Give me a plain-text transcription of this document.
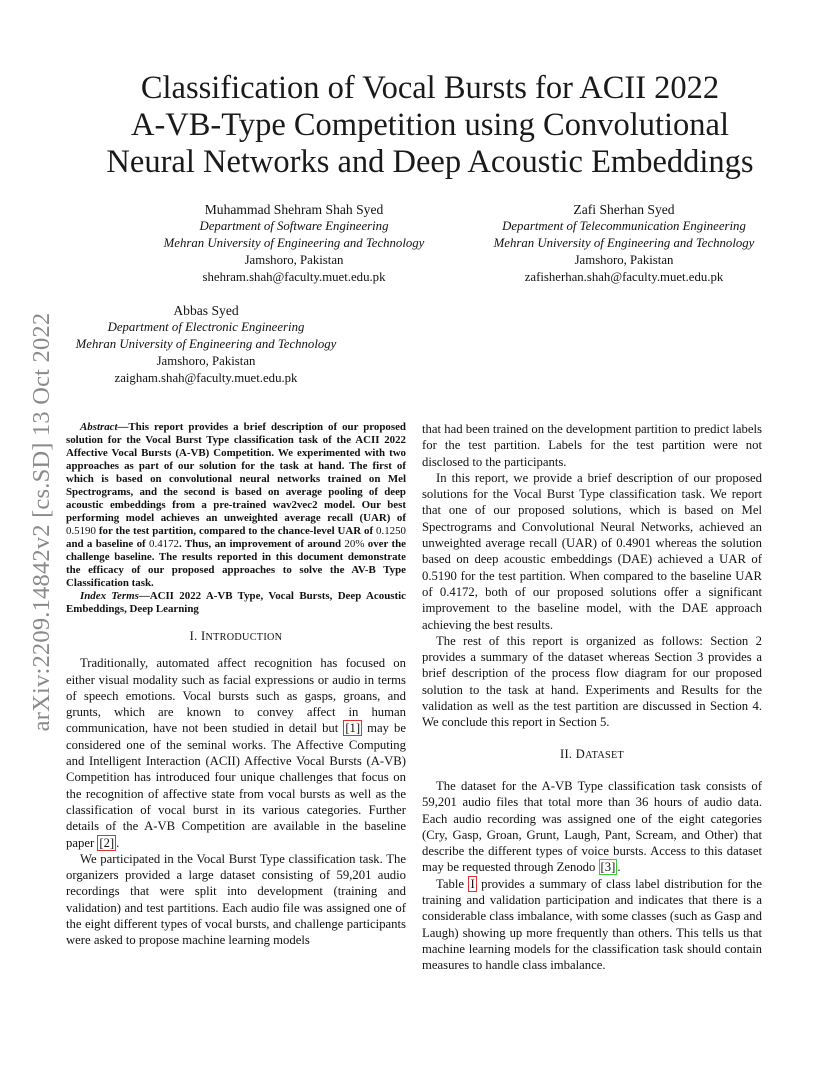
arXiv:2209.14842v2 [cs.SD] 13 Oct 2022
Classification of Vocal Bursts for ACII 2022
A-VB-Type Competition using Convolutional
Neural Networks and Deep Acoustic Embeddings
Muhammad Shehram Shah Syed
Department of Software Engineering
Mehran University of Engineering and Technology
Jamshoro, Pakistan
shehram.shah@faculty.muet.edu.pk
Zafi Sherhan Syed
Department of Telecommunication Engineering
Mehran University of Engineering and Technology
Jamshoro, Pakistan
zafisherhan.shah@faculty.muet.edu.pk
Abbas Syed
Department of Electronic Engineering
Mehran University of Engineering and Technology
Jamshoro, Pakistan
zaigham.shah@faculty.muet.edu.pk

Abstract—This report provides a brief description of our proposed solution for the Vocal Burst Type classification task of the ACII 2022 Affective Vocal Bursts (A-VB) Competition. We experimented with two approaches as part of our solution for the task at hand. The first of which is based on convolutional neural networks trained on Mel Spectrograms, and the second is based on average pooling of deep acoustic embeddings from a pre-trained wav2vec2 model. Our best performing model achieves an unweighted average recall (UAR) of 0.5190 for the test partition, compared to the chance-level UAR of 0.1250 and a baseline of 0.4172. Thus, an improvement of around 20% over the challenge baseline. The results reported in this document demonstrate the efficacy of our proposed approaches to solve the AV-B Type Classification task.

Index Terms—ACII 2022 A-VB Type, Vocal Bursts, Deep Acoustic Embeddings, Deep Learning

I. INTRODUCTION

Traditionally, automated affect recognition has focused on either visual modality such as facial expressions or audio in terms of speech emotions. Vocal bursts such as gasps, groans, and grunts, which are known to convey affect in human communication, have not been studied in detail but [1] may be considered one of the seminal works. The Affective Computing and Intelligent Interaction (ACII) Affective Vocal Bursts (A-VB) Competition has introduced four unique challenges that focus on the recognition of affective state from vocal bursts as well as the classification of vocal burst in its various categories. Further details of the A-VB Competition are available in the baseline paper [2] .

We participated in the Vocal Burst Type classification task. The organizers provided a large dataset consisting of 59,201 audio recordings that were split into development (training and validation) and test partitions. Each audio file was assigned one of the eight different types of vocal bursts, and challenge participants were asked to propose machine learning models

that had been trained on the development partition to predict labels for the test partition. Labels for the test partition were not disclosed to the participants.

In this report, we provide a brief description of our proposed solutions for the Vocal Burst Type classification task. We report that one of our proposed solutions, which is based on Mel Spectrograms and Convolutional Neural Networks, achieved an unweighted average recall (UAR) of 0.4901 whereas the solution based on deep acoustic embeddings (DAE) achieved a UAR of 0.5190 for the test partition. When compared to the baseline UAR of 0.4172, both of our proposed solutions offer a significant improvement to the baseline model, with the DAE approach achieving the best results.

The rest of this report is organized as follows: Section 2 provides a summary of the dataset whereas Section 3 provides a brief description of the process flow diagram for our proposed solution to the task at hand. Experiments and Results for the validation as well as the test partition are discussed in Section 4. We conclude this report in Section 5.

II. DATASET

The dataset for the A-VB Type classification task consists of 59,201 audio files that total more than 36 hours of audio data. Each audio recording was assigned one of the eight categories (Cry, Gasp, Groan, Grunt, Laugh, Pant, Scream, and Other) that describe the different types of voice bursts. Access to this dataset may be requested through Zenodo [3] .

Table I provides a summary of class label distribution for the training and validation participation and indicates that there is a considerable class imbalance, with some classes (such as Gasp and Laugh) showing up more frequently than others. This tells us that machine learning models for the classification task should contain measures to handle class imbalance.
